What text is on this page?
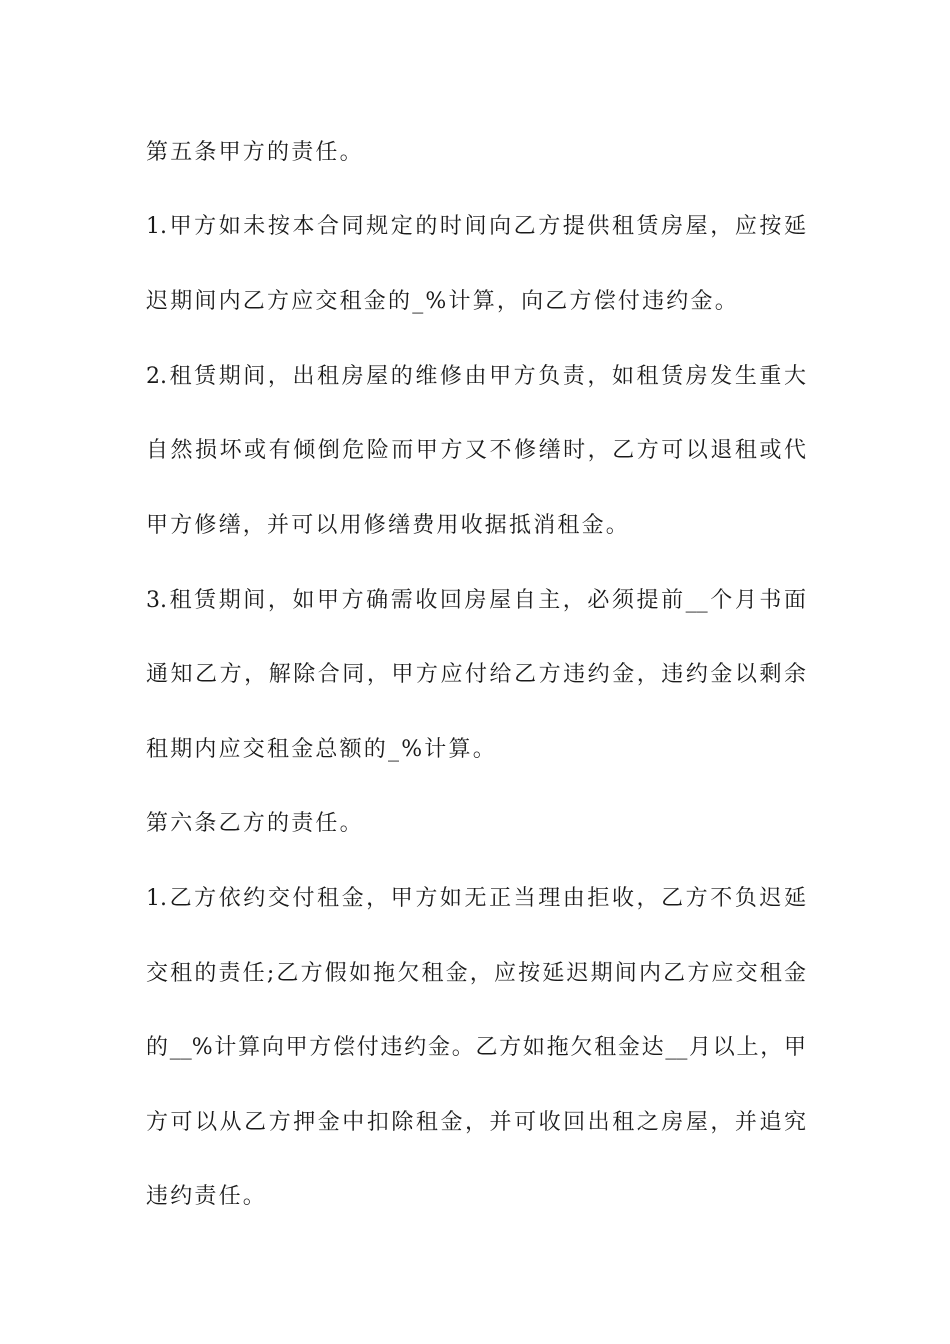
第五条甲方的责任。
1.甲方如未按本合同规定的时间向乙方提供租赁房屋，应按延
迟期间内乙方应交租金的_%计算，向乙方偿付违约金。
2.租赁期间，出租房屋的维修由甲方负责，如租赁房发生重大
自然损坏或有倾倒危险而甲方又不修缮时，乙方可以退租或代
甲方修缮，并可以用修缮费用收据抵消租金。
3.租赁期间，如甲方确需收回房屋自主，必须提前__个月书面
通知乙方，解除合同，甲方应付给乙方违约金，违约金以剩余
租期内应交租金总额的_%计算。
第六条乙方的责任。
1.乙方依约交付租金，甲方如无正当理由拒收，乙方不负迟延
交租的责任;乙方假如拖欠租金，应按延迟期间内乙方应交租金
的__%计算向甲方偿付违约金。乙方如拖欠租金达__月以上，甲
方可以从乙方押金中扣除租金，并可收回出租之房屋，并追究
违约责任。
